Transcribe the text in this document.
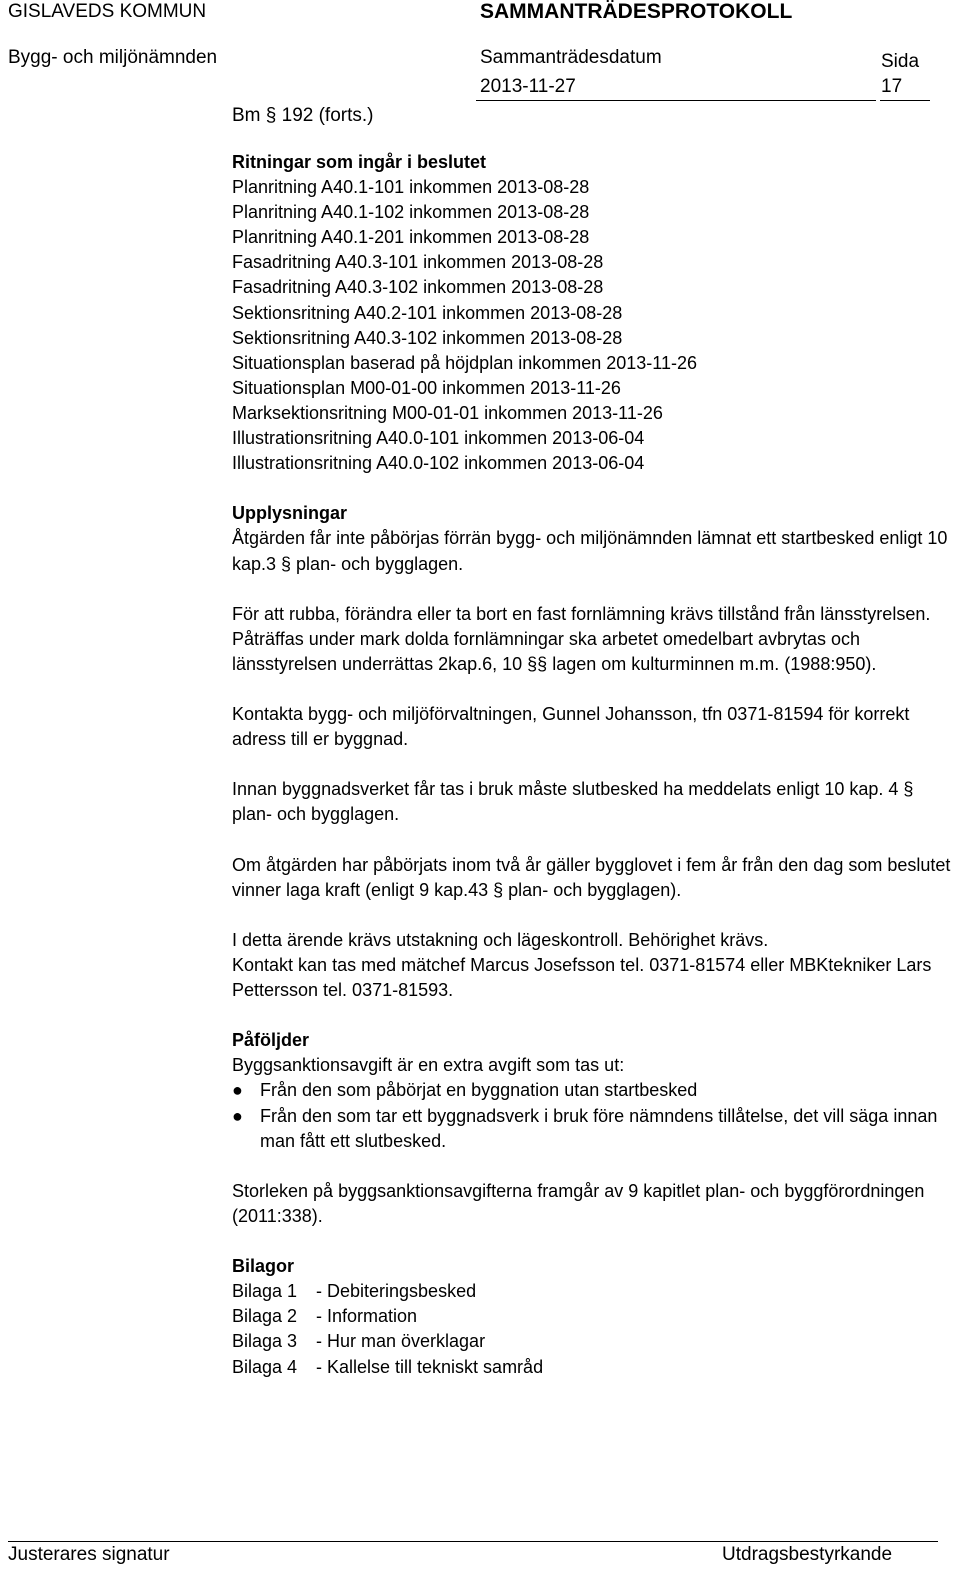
GISLAVEDS KOMMUN	SAMMANTRÄDESPROTOKOLL
Bygg- och miljönämnden	Sammanträdesdatum	Sida
2013-11-27	17
Bm § 192 (forts.)
Ritningar som ingår i beslutet
Planritning A40.1-101 inkommen 2013-08-28
Planritning A40.1-102 inkommen 2013-08-28
Planritning A40.1-201 inkommen 2013-08-28
Fasadritning A40.3-101 inkommen 2013-08-28
Fasadritning A40.3-102 inkommen 2013-08-28
Sektionsritning A40.2-101 inkommen 2013-08-28
Sektionsritning A40.3-102 inkommen 2013-08-28
Situationsplan baserad på höjdplan inkommen 2013-11-26
Situationsplan M00-01-00 inkommen 2013-11-26
Marksektionsritning M00-01-01 inkommen 2013-11-26
Illustrationsritning A40.0-101 inkommen 2013-06-04
Illustrationsritning A40.0-102 inkommen 2013-06-04
Upplysningar
Åtgärden får inte påbörjas förrän bygg- och miljönämnden lämnat ett startbesked enligt 10 kap.3 § plan- och bygglagen.
För att rubba, förändra eller ta bort en fast fornlämning krävs tillstånd från länsstyrelsen. Påträffas under mark dolda fornlämningar ska arbetet omedelbart avbrytas och länsstyrelsen underrättas 2kap.6, 10 §§ lagen om kulturminnen m.m. (1988:950).
Kontakta bygg- och miljöförvaltningen, Gunnel Johansson, tfn 0371-81594 för korrekt adress till er byggnad.
Innan byggnadsverket får tas i bruk måste slutbesked ha meddelats enligt 10 kap. 4 § plan- och bygglagen.
Om åtgärden har påbörjats inom två år gäller bygglovet i fem år från den dag som beslutet vinner laga kraft (enligt 9 kap.43 § plan- och bygglagen).
I detta ärende krävs utstakning och lägeskontroll. Behörighet krävs.
Kontakt kan tas med mätchef Marcus Josefsson tel. 0371-81574 eller MBKtekniker Lars Pettersson tel. 0371-81593.
Påföljder
Byggsanktionsavgift är en extra avgift som tas ut:
● Från den som påbörjat en byggnation utan startbesked
● Från den som tar ett byggnadsverk i bruk före nämndens tillåtelse, det vill säga innan man fått ett slutbesked.
Storleken på byggsanktionsavgifterna framgår av 9 kapitlet plan- och byggförordningen (2011:338).
Bilagor
Bilaga 1	- Debiteringsbesked
Bilaga 2	- Information
Bilaga 3	- Hur man överklagar
Bilaga 4	- Kallelse till tekniskt samråd
Justerares signatur	Utdragsbestyrkande
